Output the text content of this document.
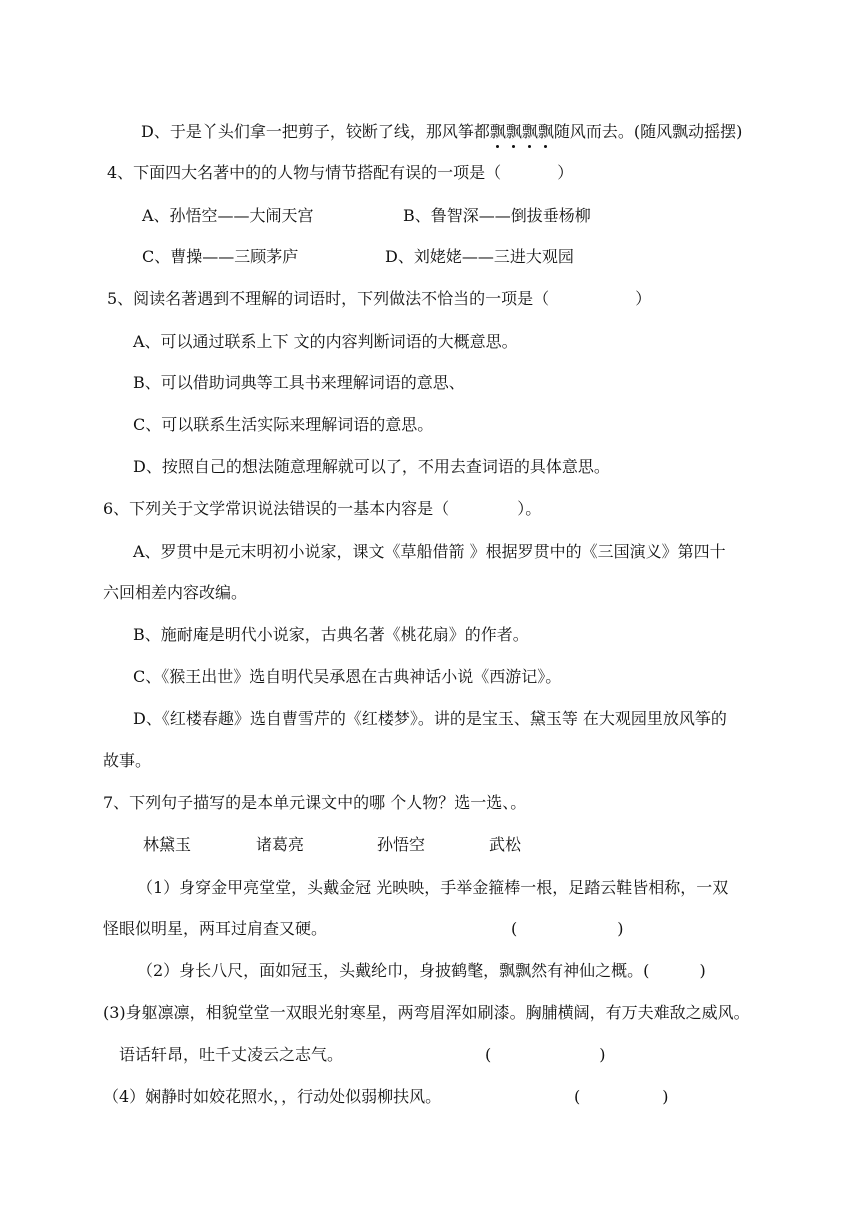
D、于是丫头们拿一把剪子，铰断了线，那风筝都飘飘飘飘随风而去。(随风飘动摇摆)
4、下面四大名著中的的人物与情节搭配有误的一项是（	）
A、孙悟空——大闹天宫	B、鲁智深——倒拔垂杨柳
C、曹操——三顾茅庐	D、刘姥姥——三进大观园
5、阅读名著遇到不理解的词语时，下列做法不恰当的一项是（	）
A、可以通过联系上下 文的内容判断词语的大概意思。
B、可以借助词典等工具书来理解词语的意思、
C、可以联系生活实际来理解词语的意思。
D、按照自己的想法随意理解就可以了，不用去查词语的具体意思。
6、下列关于文学常识说法错误的一基本内容是（	）。
A、罗贯中是元末明初小说家，课文《草船借箭 》根据罗贯中的《三国演义》第四十
六回相差内容改编。
B、施耐庵是明代小说家，古典名著《桃花扇》的作者。
C、《猴王出世》选自明代吴承恩在古典神话小说《西游记》。
D、《红楼春趣》选自曹雪芹的《红楼梦》。讲的是宝玉、黛玉等 在大观园里放风筝的
故事。
7、下列句子描写的是本单元课文中的哪 个人物？选一选、。
林黛玉	诸葛亮	孙悟空	武松
（1）身穿金甲亮堂堂，头戴金冠 光映映，手举金箍棒一根，足踏云鞋皆相称，一双
怪眼似明星，两耳过肩查又硬。	(	)
（2）身长八尺，面如冠玉，头戴纶巾，身披鹤氅，飘飘然有神仙之概。(	)
(3)身躯凛凛，相貌堂堂一双眼光射寒星，两弯眉浑如刷漆。胸脯横阔，有万夫难敌之威风。
语话轩昂，吐千丈凌云之志气。	(	)
（4）娴静时如姣花照水，，行动处似弱柳扶风。	(	)
